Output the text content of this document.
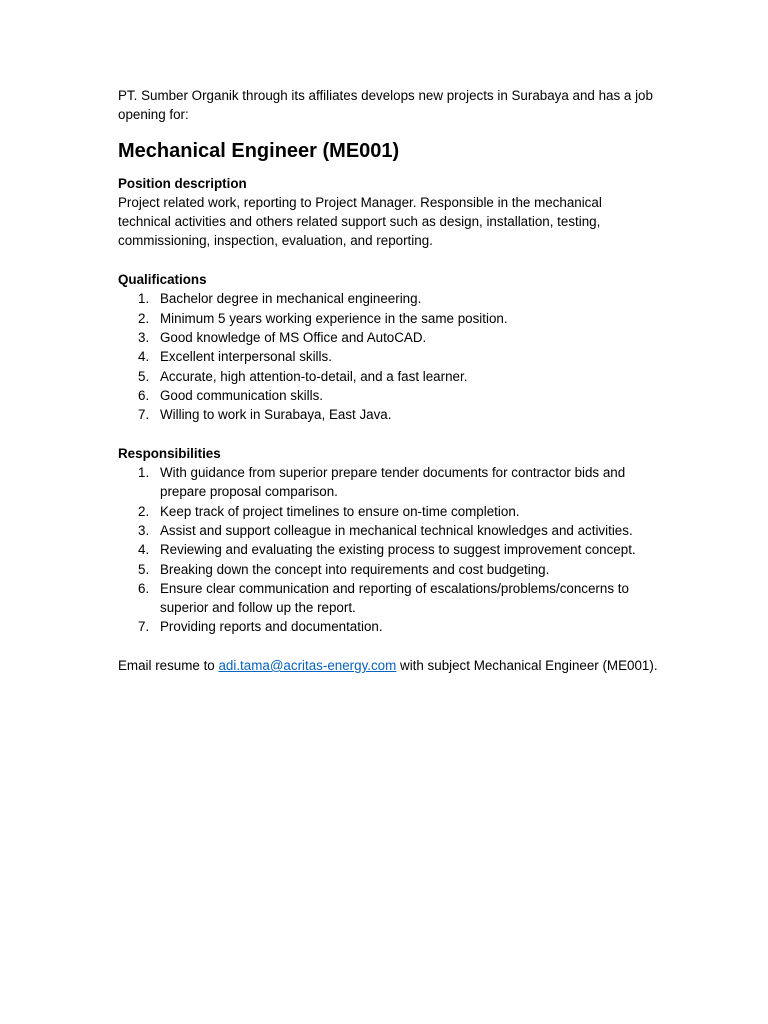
PT. Sumber Organik through its affiliates develops new projects in Surabaya and has a job opening for:

Mechanical Engineer (ME001)

Position description

Project related work, reporting to Project Manager. Responsible in the mechanical technical activities and others related support such as design, installation, testing, commissioning, inspection, evaluation, and reporting.

Qualifications

1. Bachelor degree in mechanical engineering.
2. Minimum 5 years working experience in the same position.
3. Good knowledge of MS Office and AutoCAD.
4. Excellent interpersonal skills.
5. Accurate, high attention-to-detail, and a fast learner.
6. Good communication skills.
7. Willing to work in Surabaya, East Java.

Responsibilities

1. With guidance from superior prepare tender documents for contractor bids and prepare proposal comparison.
2. Keep track of project timelines to ensure on-time completion.
3. Assist and support colleague in mechanical technical knowledges and activities.
4. Reviewing and evaluating the existing process to suggest improvement concept.
5. Breaking down the concept into requirements and cost budgeting.
6. Ensure clear communication and reporting of escalations/problems/concerns to superior and follow up the report.
7. Providing reports and documentation.

Email resume to adi.tama@acritas-energy.com with subject Mechanical Engineer (ME001).
